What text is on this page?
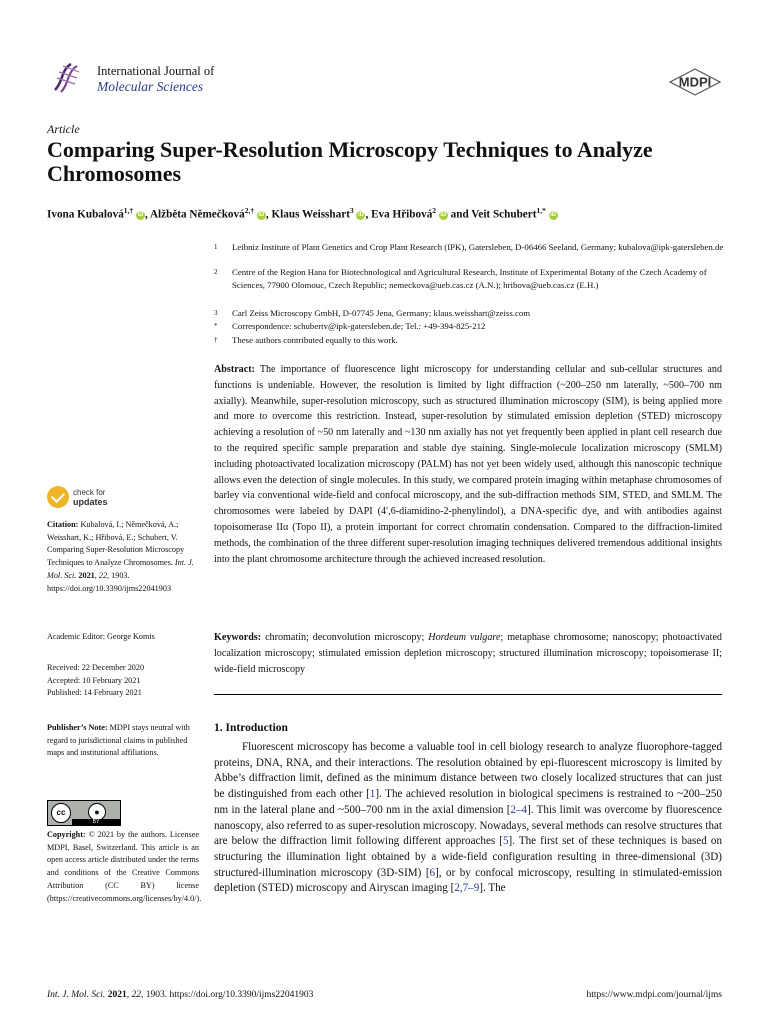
International Journal of
Molecular Sciences	MDPI
Article
Comparing Super-Resolution Microscopy Techniques to Analyze Chromosomes
Ivona Kubalová$^{1,\dagger}$ iD , Alžběta Němečková$^{2,\dagger}$ iD , Klaus Weisshart$^3$ iD , Eva Hřibová$^2$ iD and Veit Schubert$^{1,*}$ iD
1	Leibniz Institute of Plant Genetics and Crop Plant Research (IPK), Gatersleben, D-06466 Seeland, Germany; kubalova@ipk-gatersleben.de
2	Centre of the Region Hana for Biotechnological and Agricultural Research, Institute of Experimental Botany of the Czech Academy of Sciences, 77900 Olomouc, Czech Republic; nemeckova@ueb.cas.cz (A.N.); hribova@ueb.cas.cz (E.H.)
3	Carl Zeiss Microscopy GmbH, D-07745 Jena, Germany; klaus.weisshart@zeiss.com
*	Correspondence: schubertv@ipk-gatersleben.de; Tel.: +49-394-825-212
†	These authors contributed equally to this work.
Abstract: The importance of fluorescence light microscopy for understanding cellular and sub-cellular structures and functions is undeniable. However, the resolution is limited by light diffraction (~200–250 nm laterally, ~500–700 nm axially). Meanwhile, super-resolution microscopy, such as structured illumination microscopy (SIM), is being applied more and more to overcome this restriction. Instead, super-resolution by stimulated emission depletion (STED) microscopy achieving a resolution of ~50 nm laterally and ~130 nm axially has not yet frequently been applied in plant cell research due to the required specific sample preparation and stable dye staining. Single-molecule localization microscopy (SMLM) including photoactivated localization microscopy (PALM) has not yet been widely used, although this nanoscopic technique allows even the detection of single molecules. In this study, we compared protein imaging within metaphase chromosomes of barley via conventional wide-field and confocal microscopy, and the sub-diffraction methods SIM, STED, and SMLM. The chromosomes were labeled by DAPI (4′,6-diamidino-2-phenylindol), a DNA-specific dye, and with antibodies against topoisomerase IIα (Topo II), a protein important for correct chromatin condensation. Compared to the diffraction-limited methods, the combination of the three different super-resolution imaging techniques delivered tremendous additional insights into the plant chromosome architecture through the achieved increased resolution.
Keywords: chromatin; deconvolution microscopy; Hordeum vulgare; metaphase chromosome; nanoscopy; photoactivated localization microscopy; stimulated emission depletion microscopy; structured illumination microscopy; topoisomerase II; wide-field microscopy
1. Introduction
Fluorescent microscopy has become a valuable tool in cell biology research to analyze fluorophore-tagged proteins, DNA, RNA, and their interactions. The resolution obtained by epi-fluorescent microscopy is limited by Abbe’s diffraction limit, defined as the minimum distance between two closely localized structures that can just be distinguished from each other [1]. The achieved resolution in biological specimens is restrained to ~200–250 nm in the lateral plane and ~500–700 nm in the axial dimension [2–4]. This limit was overcome by fluorescence nanoscopy, also referred to as super-resolution microscopy. Nowadays, several methods can resolve structures that are below the diffraction limit following different approaches [5]. The first set of these techniques is based on structuring the illumination light obtained by a wide-field configuration resulting in three-dimensional (3D) structured-illumination microscopy (3D-SIM) [6], or by confocal microscopy, resulting in stimulated-emission depletion (STED) microscopy and Airyscan imaging [2,7–9]. The
check for
updates
Citation: Kubalová, I.; Němečková, A.; Weisshart, K.; Hřibová, E.; Schubert, V. Comparing Super-Resolution Microscopy Techniques to Analyze Chromosomes. Int. J. Mol. Sci. 2021, 22, 1903. https://doi.org/10.3390/ijms22041903
Academic Editor: George Komis
Received: 22 December 2020
Accepted: 10 February 2021
Published: 14 February 2021
Publisher’s Note: MDPI stays neutral with regard to jurisdictional claims in published maps and institutional affiliations.
cc	●
BY
Copyright: © 2021 by the authors. Licensee MDPI, Basel, Switzerland. This article is an open access article distributed under the terms and conditions of the Creative Commons Attribution (CC BY) license (https://creativecommons.org/licenses/by/4.0/).
Int. J. Mol. Sci. 2021, 22, 1903. https://doi.org/10.3390/ijms22041903	https://www.mdpi.com/journal/ijms
